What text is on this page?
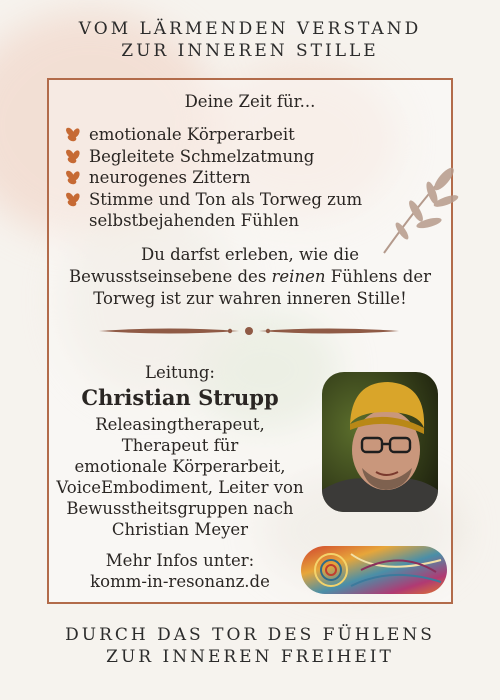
VOM LÄRMENDEN VERSTAND
ZUR INNEREN STILLE
Deine Zeit für...
emotionale Körperarbeit
Begleitete Schmelzatmung
neurogenes Zittern
Stimme und Ton als Torweg zum
selbstbejahenden Fühlen
Du darfst erleben, wie die
Bewusstseinsebene des reinen Fühlens der
Torweg ist zur wahren inneren Stille!
Leitung:
Christian Strupp
Releasingtherapeut,
Therapeut für
emotionale Körperarbeit,
VoiceEmbodiment, Leiter von
Bewusstheitsgruppen nach
Christian Meyer
Mehr Infos unter:
komm-in-resonanz.de
DURCH DAS TOR DES FÜHLENS
ZUR INNEREN FREIHEIT
